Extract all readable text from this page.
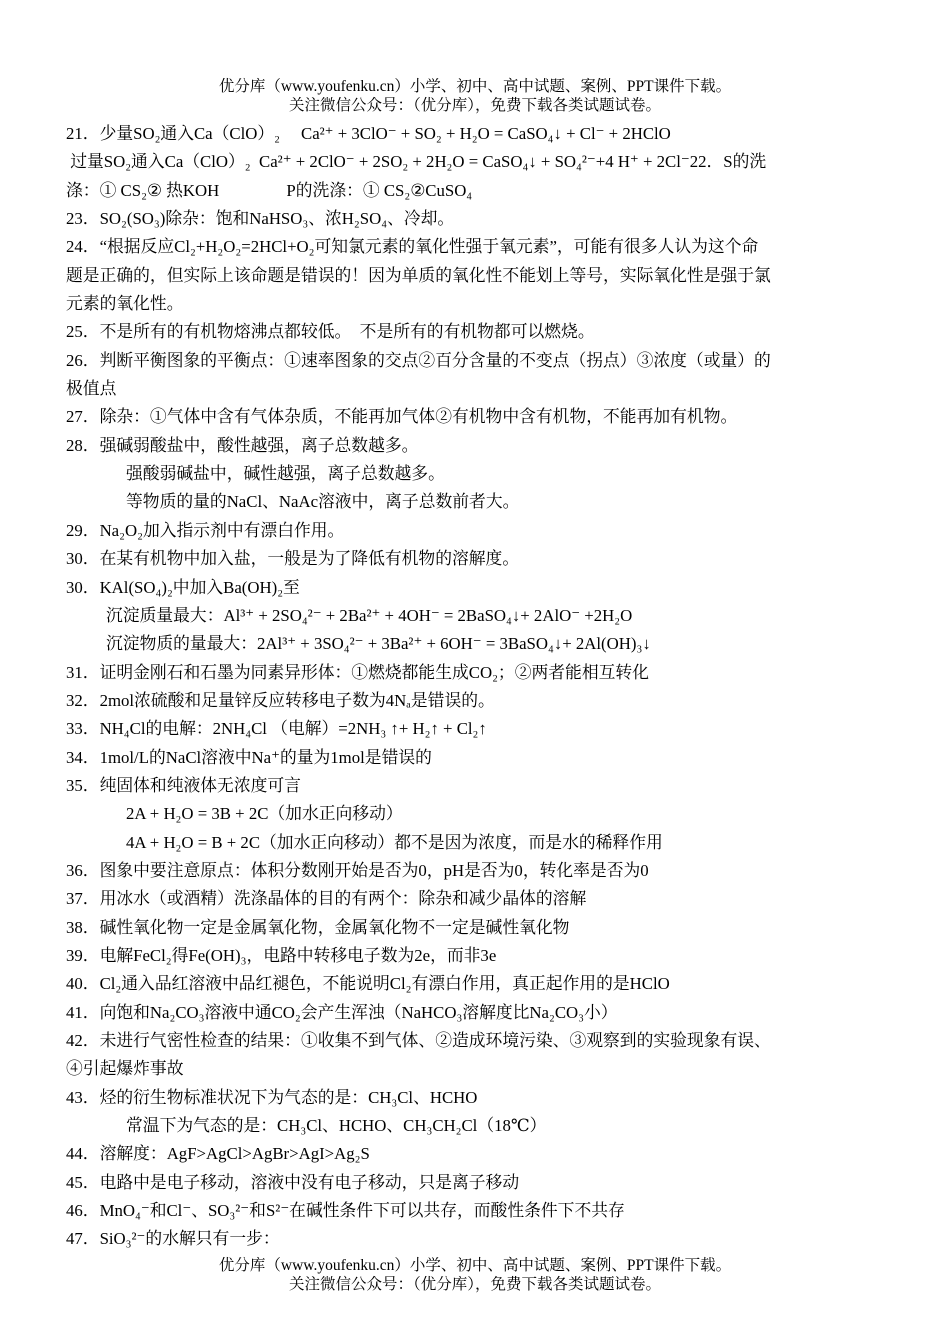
优分库（www.youfenku.cn）小学、初中、高中试题、案例、PPT课件下载。
关注微信公众号：（优分库），免费下载各类试题试卷。
21．少量SO₂通入Ca（ClO）₂　 Ca²⁺ + 3ClO⁻ + SO₂ + H₂O = CaSO₄↓ + Cl⁻ + 2HClO
过量SO₂通入Ca（ClO）₂  Ca²⁺ + 2ClO⁻ + 2SO₂ + 2H₂O = CaSO₄↓ + SO₄²⁻+4 H⁺ + 2Cl⁻22．S的洗
涤：① CS₂② 热KOH　　　　P的洗涤：① CS₂②CuSO₄
23．SO₂(SO₃)除杂：饱和NaHSO₃、浓H₂SO₄、冷却。
24．“根据反应Cl₂+H₂O₂=2HCl+O₂可知氯元素的氧化性强于氧元素”，可能有很多人认为这个命
题是正确的，但实际上该命题是错误的！因为单质的氧化性不能划上等号，实际氧化性是强于氯
元素的氧化性。
25．不是所有的有机物熔沸点都较低。　不是所有的有机物都可以燃烧。
26．判断平衡图象的平衡点：①速率图象的交点②百分含量的不变点（拐点）③浓度（或量）的
极值点
27．除杂：①气体中含有气体杂质，不能再加气体②有机物中含有机物，不能再加有机物。
28．强碱弱酸盐中，酸性越强，离子总数越多。
强酸弱碱盐中，碱性越强，离子总数越多。
等物质的量的NaCl、NaAc溶液中，离子总数前者大。
29．Na₂O₂加入指示剂中有漂白作用。
30．在某有机物中加入盐，一般是为了降低有机物的溶解度。
30．KAl(SO₄)₂中加入Ba(OH)₂至
沉淀质量最大：Al³⁺ + 2SO₄²⁻ + 2Ba²⁺ + 4OH⁻ = 2BaSO₄↓+ 2AlO⁻ +2H₂O
沉淀物质的量最大：2Al³⁺ + 3SO₄²⁻ + 3Ba²⁺ + 6OH⁻ = 3BaSO₄↓+ 2Al(OH)₃↓
31．证明金刚石和石墨为同素异形体：①燃烧都能生成CO₂；②两者能相互转化
32．2mol浓硫酸和足量锌反应转移电子数为4Nₐ是错误的。
33．NH₄Cl的电解：2NH₄Cl （电解）=2NH₃ ↑+ H₂↑ + Cl₂↑
34．1mol/L的NaCl溶液中Na⁺的量为1mol是错误的
35．纯固体和纯液体无浓度可言
2A + H₂O = 3B + 2C（加水正向移动）
4A + H₂O = B + 2C（加水正向移动）都不是因为浓度，而是水的稀释作用
36．图象中要注意原点：体积分数刚开始是否为0，pH是否为0，转化率是否为0
37．用冰水（或酒精）洗涤晶体的目的有两个：除杂和减少晶体的溶解
38．碱性氧化物一定是金属氧化物，金属氧化物不一定是碱性氧化物
39．电解FeCl₂得Fe(OH)₃，电路中转移电子数为2e，而非3e
40．Cl₂通入品红溶液中品红褪色，不能说明Cl₂有漂白作用，真正起作用的是HClO
41．向饱和Na₂CO₃溶液中通CO₂会产生浑浊（NaHCO₃溶解度比Na₂CO₃小）
42．未进行气密性检查的结果：①收集不到气体、②造成环境污染、③观察到的实验现象有误、
④引起爆炸事故
43．烃的衍生物标准状况下为气态的是：CH₃Cl、HCHO
常温下为气态的是：CH₃Cl、HCHO、CH₃CH₂Cl（18℃）
44．溶解度：AgF>AgCl>AgBr>AgI>Ag₂S
45．电路中是电子移动，溶液中没有电子移动，只是离子移动
46．MnO₄⁻和Cl⁻、SO₃²⁻和S²⁻在碱性条件下可以共存，而酸性条件下不共存
47．SiO₃²⁻的水解只有一步：
优分库（www.youfenku.cn）小学、初中、高中试题、案例、PPT课件下载。
关注微信公众号：（优分库），免费下载各类试题试卷。
